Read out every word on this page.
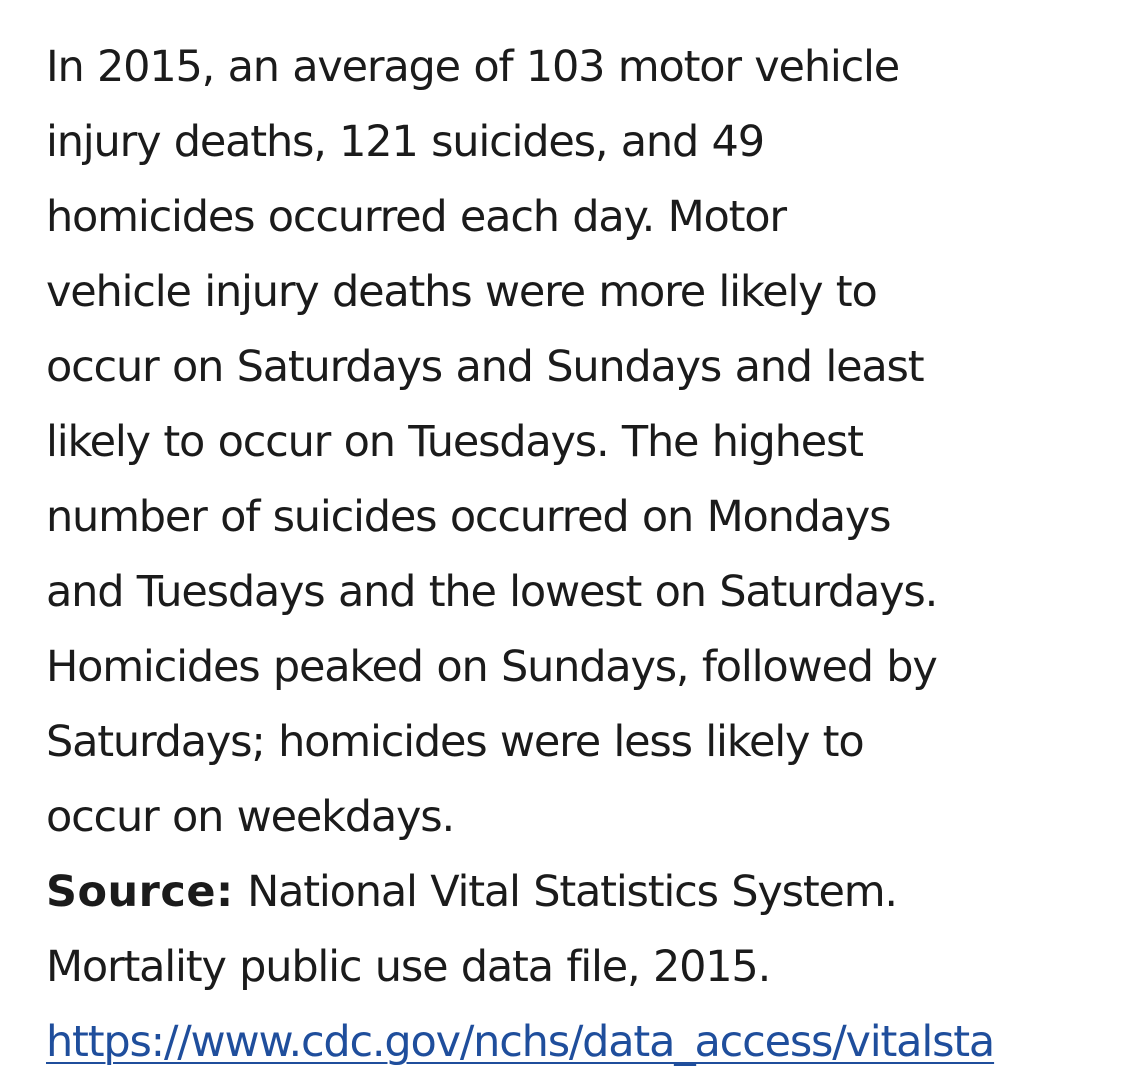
In 2015, an average of 103 motor vehicle
injury deaths, 121 suicides, and 49
homicides occurred each day. Motor
vehicle injury deaths were more likely to
occur on Saturdays and Sundays and least
likely to occur on Tuesdays. The highest
number of suicides occurred on Mondays
and Tuesdays and the lowest on Saturdays.
Homicides peaked on Sundays, followed by
Saturdays; homicides were less likely to
occur on weekdays.
Source: National Vital Statistics System.
Mortality public use data file, 2015.
https://www.cdc.gov/nchs/data_access/vitalsta
